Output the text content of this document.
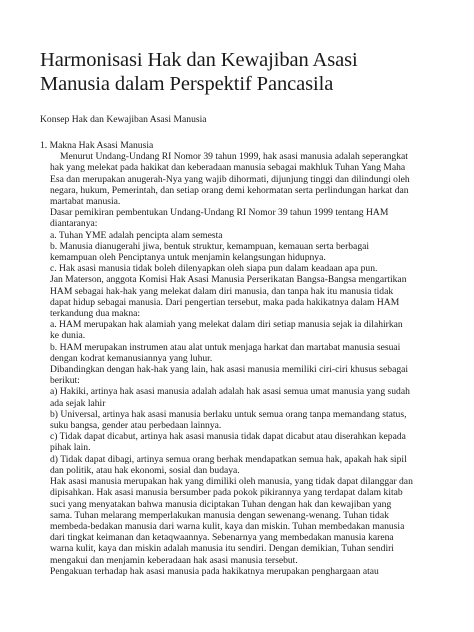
Harmonisasi Hak dan Kewajiban Asasi
Manusia dalam Perspektif Pancasila

Konsep Hak dan Kewajiban Asasi Manusia

1. Makna Hak Asasi Manusia

Menurut Undang-Undang RI Nomor 39 tahun 1999, hak asasi manusia adalah seperangkat
hak yang melekat pada hakikat dan keberadaan manusia sebagai makhluk Tuhan Yang Maha
Esa dan merupakan anugerah-Nya yang wajib dihormati, dijunjung tinggi dan dilindungi oleh
negara, hukum, Pemerintah, dan setiap orang demi kehormatan serta perlindungan harkat dan
martabat manusia.
Dasar pemikiran pembentukan Undang-Undang RI Nomor 39 tahun 1999 tentang HAM
diantaranya:
a. Tuhan YME adalah pencipta alam semesta
b. Manusia dianugerahi jiwa, bentuk struktur, kemampuan, kemauan serta berbagai
kemampuan oleh Penciptanya untuk menjamin kelangsungan hidupnya.
c. Hak asasi manusia tidak boleh dilenyapkan oleh siapa pun dalam keadaan apa pun.
Jan Materson, anggota Komisi Hak Asasi Manusia Perserikatan Bangsa-Bangsa mengartikan
HAM sebagai hak-hak yang melekat dalam diri manusia, dan tanpa hak itu manusia tidak
dapat hidup sebagai manusia. Dari pengertian tersebut, maka pada hakikatnya dalam HAM
terkandung dua makna:
a. HAM merupakan hak alamiah yang melekat dalam diri setiap manusia sejak ia dilahirkan
ke dunia.
b. HAM merupakan instrumen atau alat untuk menjaga harkat dan martabat manusia sesuai
dengan kodrat kemanusiannya yang luhur.
Dibandingkan dengan hak-hak yang lain, hak asasi manusia memiliki ciri-ciri khusus sebagai
berikut:
a) Hakiki, artinya hak asasi manusia adalah adalah hak asasi semua umat manusia yang sudah
ada sejak lahir
b) Universal, artinya hak asasi manusia berlaku untuk semua orang tanpa memandang status,
suku bangsa, gender atau perbedaan lainnya.
c) Tidak dapat dicabut, artinya hak asasi manusia tidak dapat dicabut atau diserahkan kepada
pihak lain.
d) Tidak dapat dibagi, artinya semua orang berhak mendapatkan semua hak, apakah hak sipil
dan politik, atau hak ekonomi, sosial dan budaya.
Hak asasi manusia merupakan hak yang dimiliki oleh manusia, yang tidak dapat dilanggar dan
dipisahkan. Hak asasi manusia bersumber pada pokok pikirannya yang terdapat dalam kitab
suci yang menyatakan bahwa manusia diciptakan Tuhan dengan hak dan kewajiban yang
sama. Tuhan melarang memperlakukan manusia dengan sewenang-wenang. Tuhan tidak
membeda-bedakan manusia dari warna kulit, kaya dan miskin. Tuhan membedakan manusia
dari tingkat keimanan dan ketaqwaannya. Sebenarnya yang membedakan manusia karena
warna kulit, kaya dan miskin adalah manusia itu sendiri. Dengan demikian, Tuhan sendiri
mengakui dan menjamin keberadaan hak asasi manusia tersebut.
Pengakuan terhadap hak asasi manusia pada hakikatnya merupakan penghargaan atau
